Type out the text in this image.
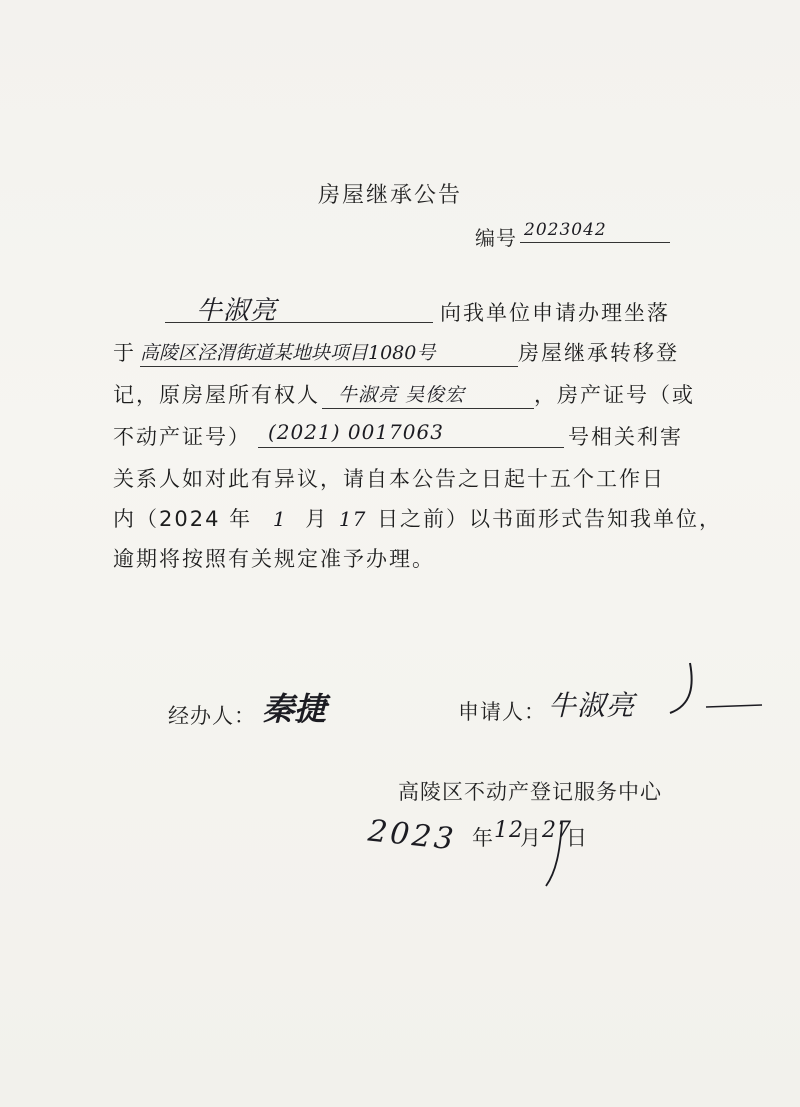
房屋继承公告
编号 2023042
牛淑亮	向我单位申请办理坐落
于 高陵区泾渭街道某地块项目1080号	房屋继承转移登
记，原房屋所有权人 牛淑亮 吴俊宏	，房产证号（或
不动产证号） (2021) 0017063	号相关利害
关系人如对此有异议，请自本公告之日起十五个工作日
内（2024 年 1 月 17 日之前）以书面形式告知我单位，
逾期将按照有关规定准予办理。
经办人： 秦捷	申请人： 牛淑亮
高陵区不动产登记服务中心
2023 年 12
月 27
日
